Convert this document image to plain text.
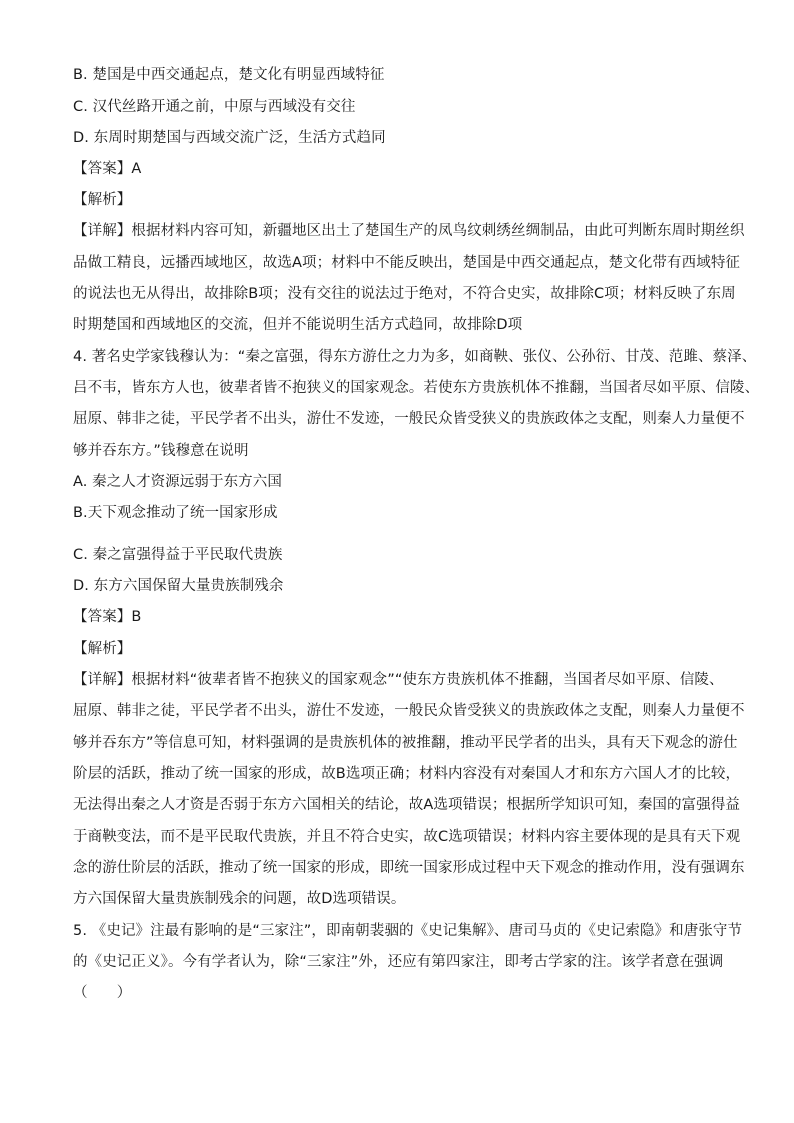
B. 楚国是中西交通起点，楚文化有明显西域特征
C. 汉代丝路开通之前，中原与西域没有交往
D. 东周时期楚国与西域交流广泛，生活方式趋同
【答案】A
【解析】
【详解】根据材料内容可知，新疆地区出土了楚国生产的凤鸟纹刺绣丝绸制品，由此可判断东周时期丝织
品做工精良，远播西域地区，故选A项；材料中不能反映出，楚国是中西交通起点，楚文化带有西域特征
的说法也无从得出，故排除B项；没有交往的说法过于绝对，不符合史实，故排除C项；材料反映了东周
时期楚国和西域地区的交流，但并不能说明生活方式趋同，故排除D项
4. 著名史学家钱穆认为：“秦之富强，得东方游仕之力为多，如商鞅、张仪、公孙衍、甘茂、范雎、蔡泽、
吕不韦，皆东方人也，彼辈者皆不抱狭义的国家观念。若使东方贵族机体不推翻，当国者尽如平原、信陵、
屈原、韩非之徒，平民学者不出头，游仕不发迹，一般民众皆受狭义的贵族政体之支配，则秦人力量便不
够并吞东方。”钱穆意在说明
A. 秦之人才资源远弱于东方六国
B.天下观念推动了统一国家形成
C. 秦之富强得益于平民取代贵族
D. 东方六国保留大量贵族制残余
【答案】B
【解析】
【详解】根据材料“彼辈者皆不抱狭义的国家观念”“使东方贵族机体不推翻，当国者尽如平原、信陵、
屈原、韩非之徒，平民学者不出头，游仕不发迹，一般民众皆受狭义的贵族政体之支配，则秦人力量便不
够并吞东方”等信息可知，材料强调的是贵族机体的被推翻，推动平民学者的出头，具有天下观念的游仕
阶层的活跃，推动了统一国家的形成，故B选项正确；材料内容没有对秦国人才和东方六国人才的比较，
无法得出秦之人才资是否弱于东方六国相关的结论，故A选项错误；根据所学知识可知，秦国的富强得益
于商鞅变法，而不是平民取代贵族，并且不符合史实，故C选项错误；材料内容主要体现的是具有天下观
念的游仕阶层的活跃，推动了统一国家的形成，即统一国家形成过程中天下观念的推动作用，没有强调东
方六国保留大量贵族制残余的问题，故D选项错误。
5. 《史记》注最有影响的是“三家注”，即南朝裴骃的《史记集解》、唐司马贞的《史记索隐》和唐张守节
的《史记正义》。今有学者认为，除“三家注”外，还应有第四家注，即考古学家的注。该学者意在强调
（　　）
